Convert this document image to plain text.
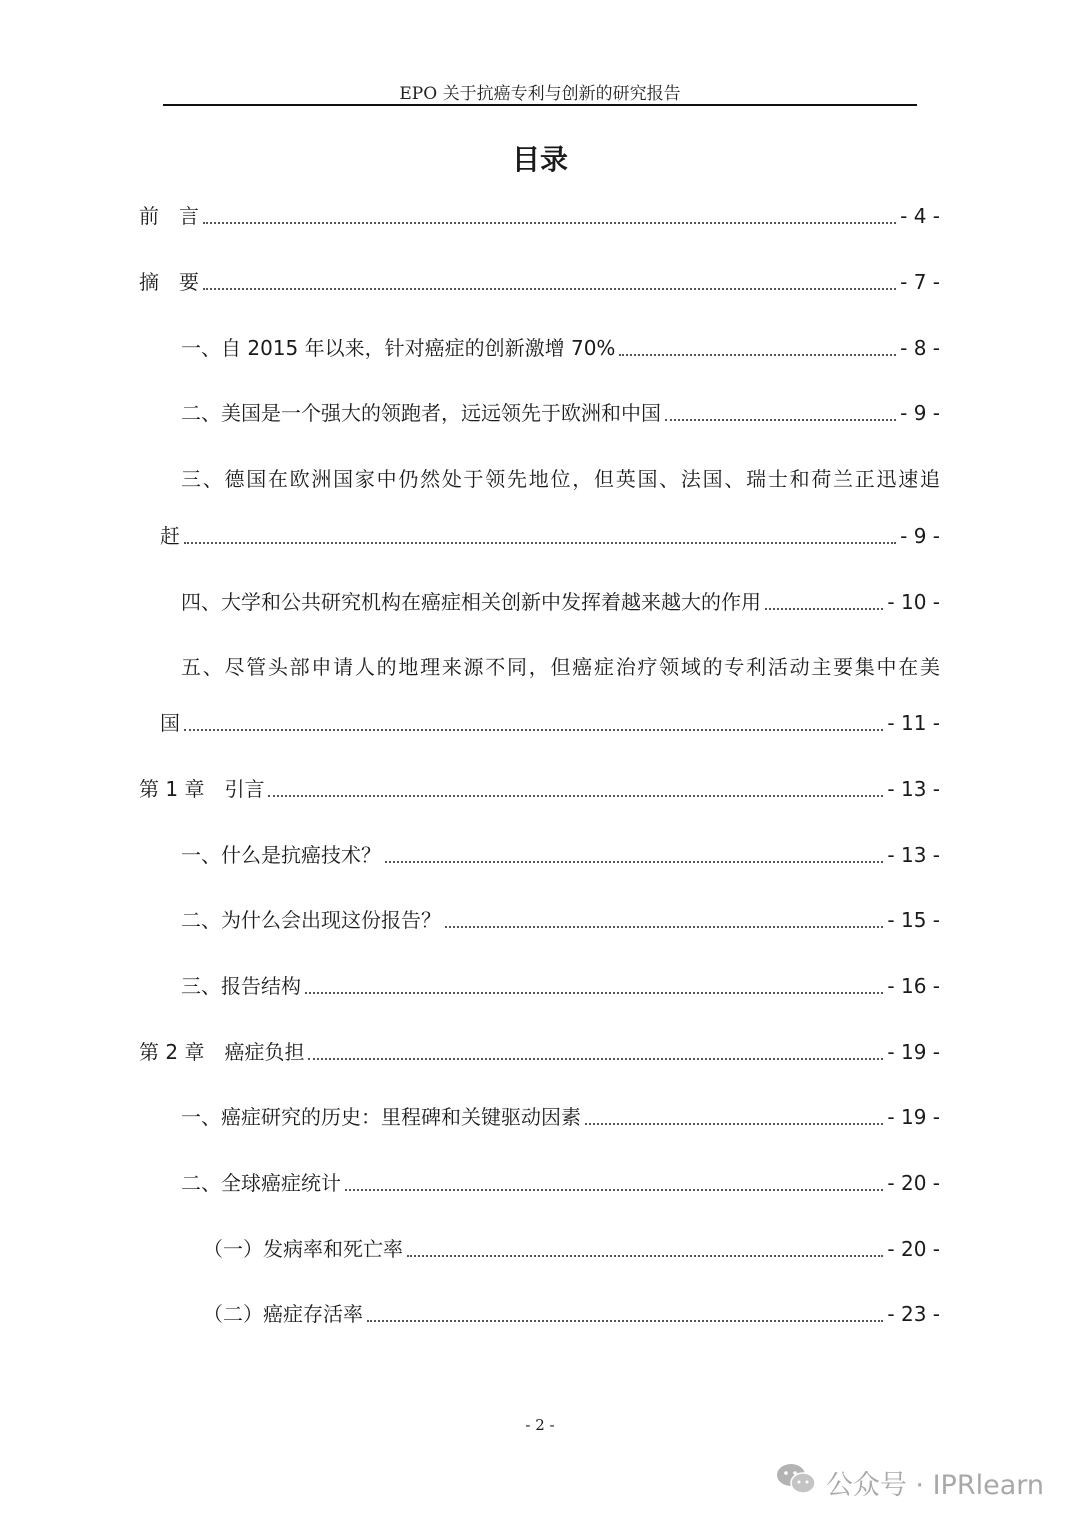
EPO 关于抗癌专利与创新的研究报告
目录
前　言	- 4 -
摘　要	- 7 -
一、自 2015 年以来，针对癌症的创新激增 70%	- 8 -
二、美国是一个强大的领跑者，远远领先于欧洲和中国	- 9 -
三、德国在欧洲国家中仍然处于领先地位，但英国、法国、瑞士和荷兰正迅速追
赶	- 9 -
四、大学和公共研究机构在癌症相关创新中发挥着越来越大的作用	- 10 -
五、尽管头部申请人的地理来源不同，但癌症治疗领域的专利活动主要集中在美
国	- 11 -
第 1 章　引言	- 13 -
一、什么是抗癌技术？	- 13 -
二、为什么会出现这份报告？	- 15 -
三、报告结构	- 16 -
第 2 章　癌症负担	- 19 -
一、癌症研究的历史：里程碑和关键驱动因素	- 19 -
二、全球癌症统计	- 20 -
（一）发病率和死亡率	- 20 -
（二）癌症存活率	- 23 -
- 2 -
公众号 · IPRlearn
